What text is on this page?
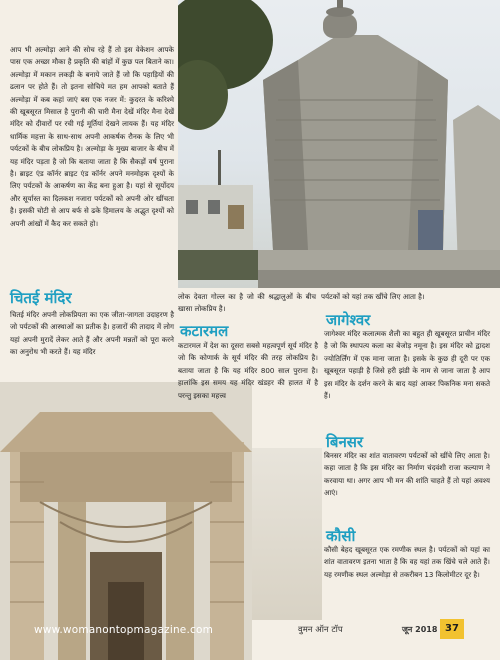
आप भी अल्मोड़ा आने की सोच रहे हैं तो इस वेकेशन आपके पास एक अच्छा मौका है प्रकृति की बांहों में कुछ पल बिताने का। अल्मोड़ा में मकान लकड़ी के बनाये जाते हैं जो कि पहाड़ियों की ढलान पर होते हैं। तो इतना सोचिये मत हम आपको बताते हैं अल्मोड़ा में कब कहां जाएं बस एक नजर में: कुदरत के करिश्मे की खूबसूरत मिसाल है पुरानी की चारी मैना देखें मंदिर मैना देखें मंदिर को दीवारों पर रची गई मूर्तियां देखने लायक हैं। यह मंदिर धार्मिक महत्ता के साथ-साथ अपनी आकर्षक रौनक के लिए भी पर्यटकों के बीच लोकप्रिय है। अल्मोड़ा के मुख्य बाजार के बीच में यह मंदिर पड़ता है जो कि बताया जाता है कि सैकड़ों वर्ष पुराना है। ब्राइट एंड कॉर्नर ब्राइट एंड कॉर्नर अपने मनमोहक दृश्यों के लिए पर्यटकों के आकर्षण का केंद्र बना हुआ है। यहां से सूर्योदय और सूर्यास्त का दिलकश नजारा पर्यटकों को अपनी ओर खींचता है। इसकी चोटी से आप बर्फ से ढके हिमालय के अद्भुत दृश्यों को अपनी आंखों में कैद कर सकते हो।
चितई मंदिर
चितई मंदिर अपनी लोकप्रियता का एक जीता-जागता उदाहरण है जो पर्यटकों की आस्थाओं का प्रतीक है। हजारों की तादाद में लोग यहां अपनी मुरादें लेकर आते हैं और अपनी मन्नतों को पूरा करने का अनुरोध भी करते हैं। यह मंदिर
लोक देवता गोल्ल का है जो की श्रद्धालुओं के बीच खासा लोकप्रिय है।
पर्यटकों को यहां तक खींचे लिए आता है।
कटारमल
कटारमल में देश का दूसरा सबसे महत्वपूर्ण सूर्य मंदिर है जो कि कोणार्क के सूर्य मंदिर की तरह लोकप्रिय है। बताया जाता है कि यह मंदिर 800 साल पुराना है। हालांकि इस समय यह मंदिर खंडहर की हालत में है परन्तु इसका महत्त्व
जागेश्वर
जागेश्वर मंदिर कलात्मक शैली का बहुत ही खूबसूरत प्राचीन मंदिर है जो कि स्थापत्य कला का बेजोड़ नमूना है। इस मंदिर को द्वादश ज्योतिर्लिंग में एक माना जाता है। इसके के कुछ ही दूरी पर एक खूबसूरत पहाड़ी है जिसे हरी झंडी के नाम से जाना जाता है आप इस मंदिर के दर्शन करने के बाद यहां आकर पिकनिक मना सकते हैं।
बिनसर
बिनसर मंदिर का शांत वातावरण पर्यटकों को खींचे लिए आता है। कहा जाता है कि इस मंदिर का निर्माण चंदवंशी राजा कल्याण ने करवाया था। अगर आप भी मन की शांति चाहते हैं तो यहां अवश्य आएं।
कौसी
कौसी बेहद खूबसूरत एक रमणीक स्थल है। पर्यटकों को यहां का शांत वातावरण इतना भाता है कि वह यहां तक खिंचे चले आते हैं। यह रमणीक स्थल अल्मोड़ा से तकरीबन 13 किलोमीटर दूर है।
www.womanontopmagazine.com	वुमन ऑन टॉप	जून 2018 37
